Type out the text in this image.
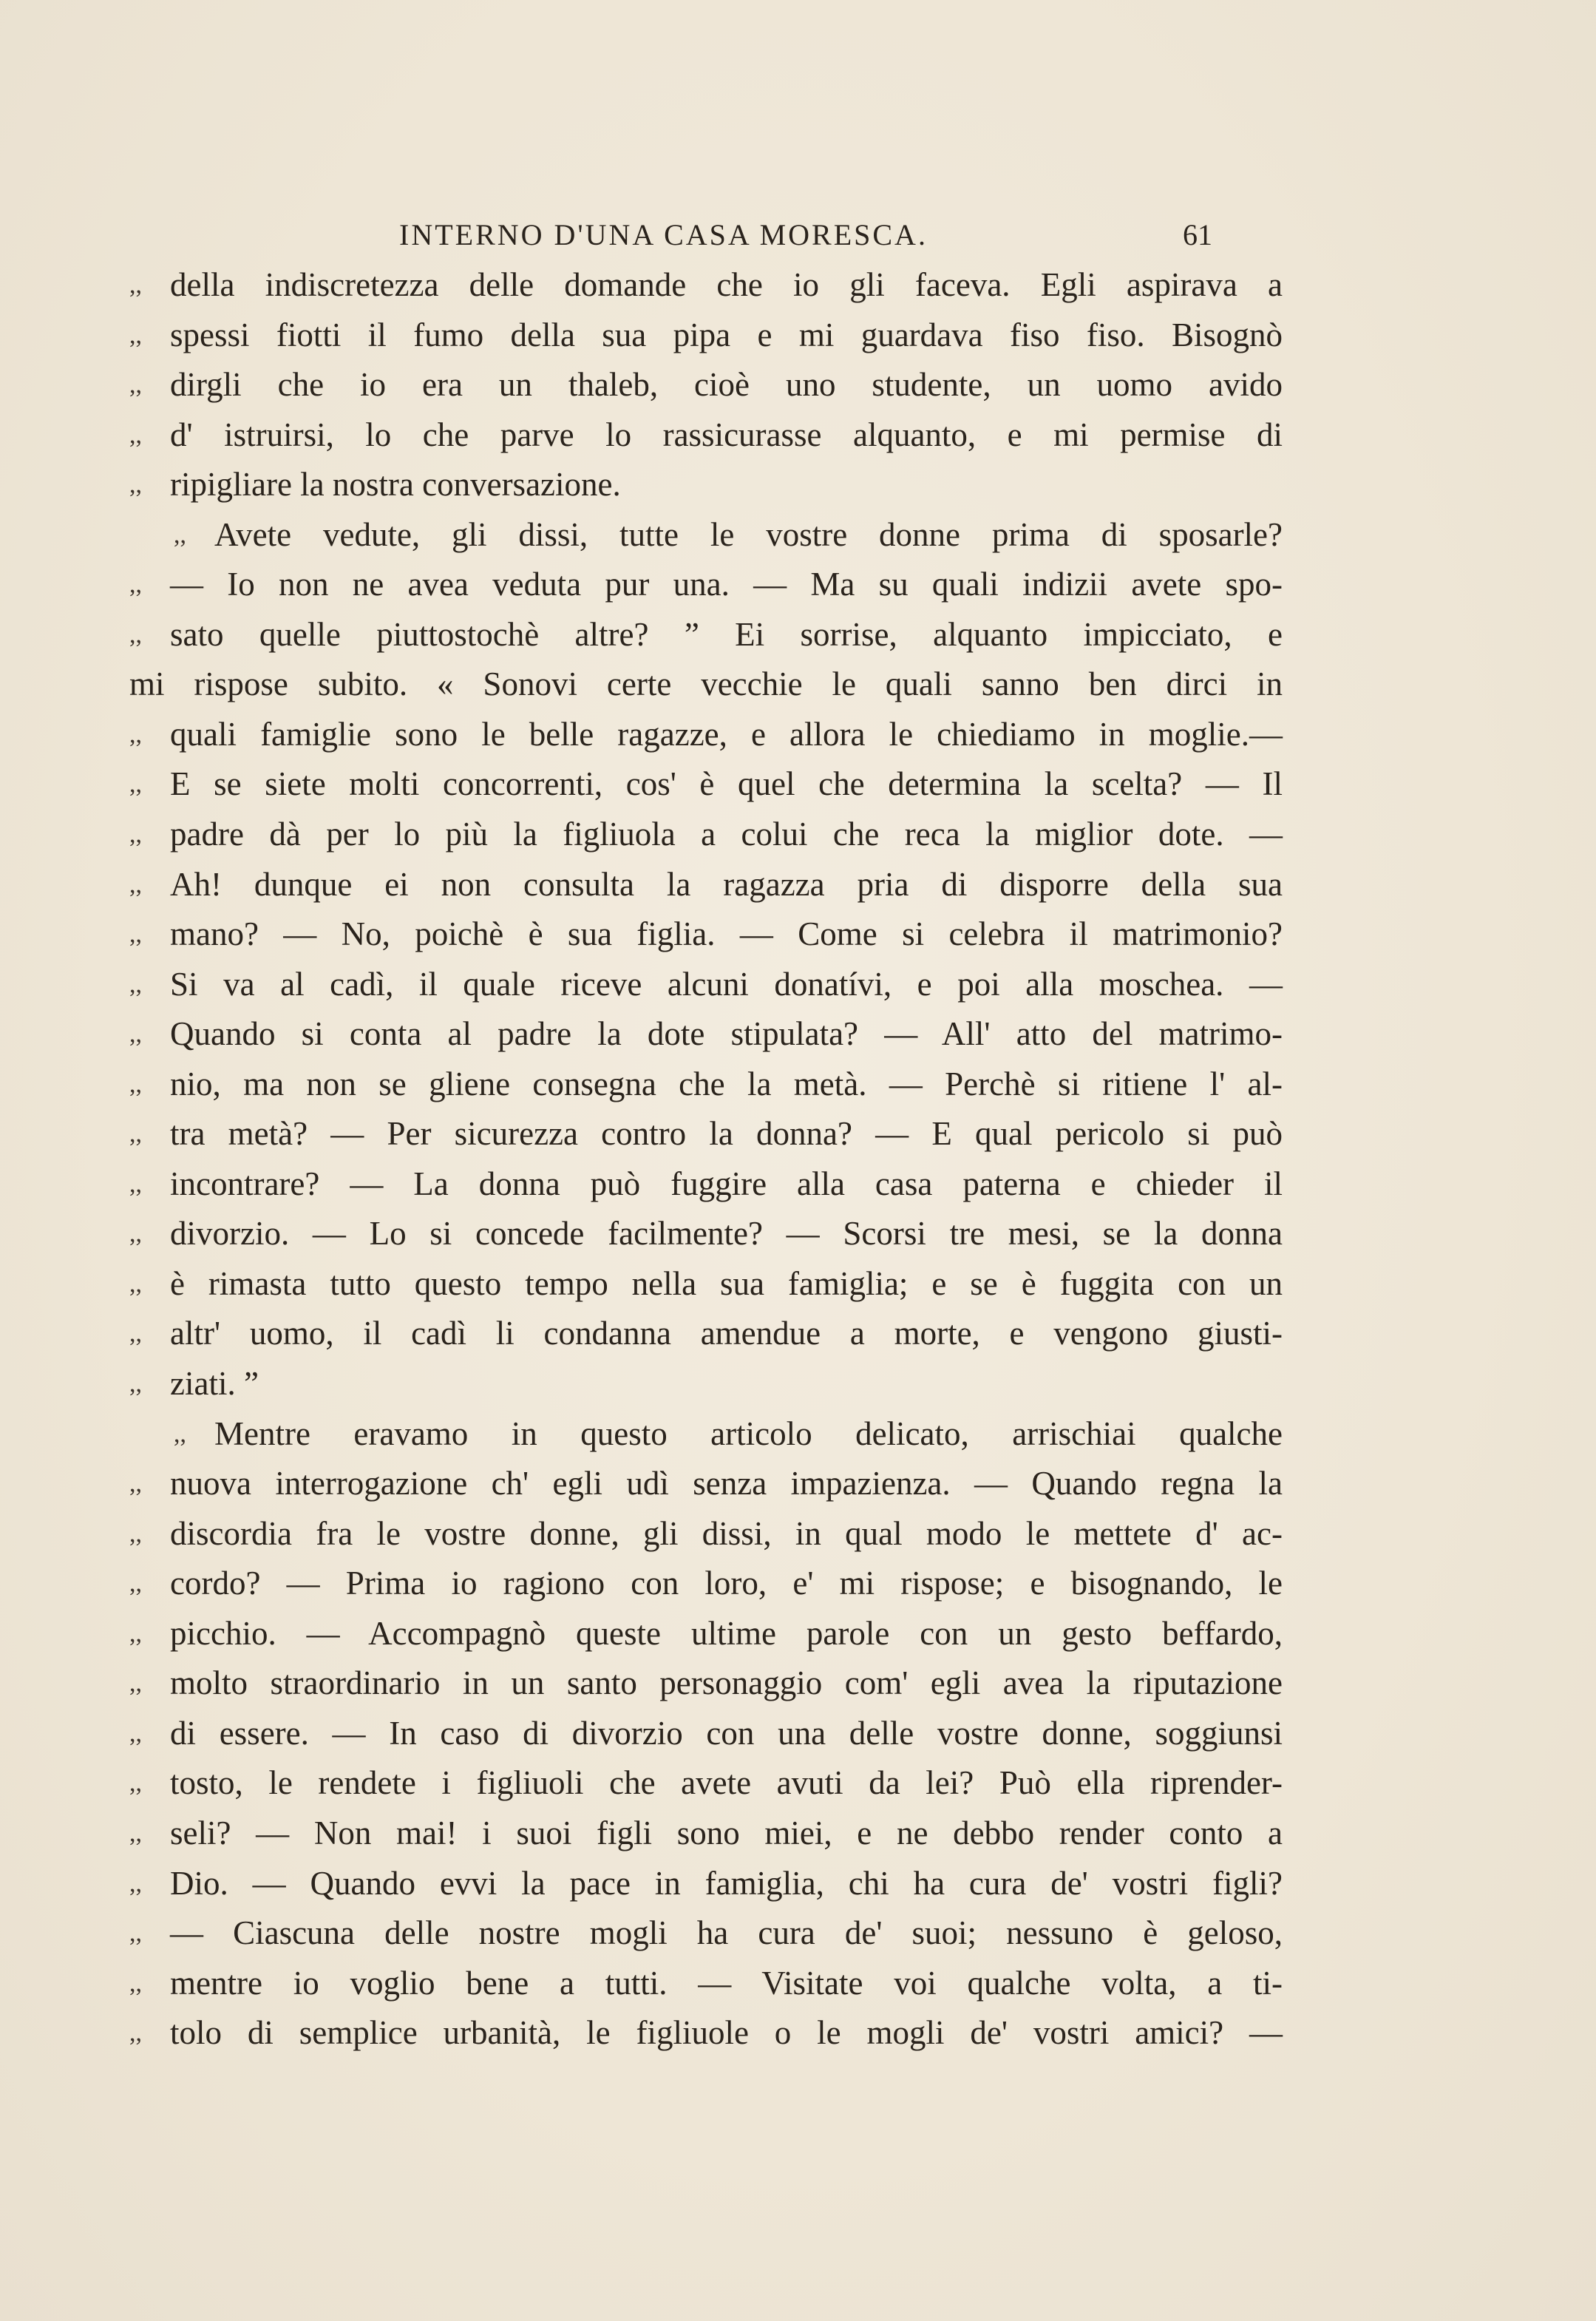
INTERNO D'UNA CASA MORESCA.	61
,, della indiscretezza delle domande che io gli faceva. Egli aspirava a
,, spessi fiotti il fumo della sua pipa e mi guardava fiso fiso. Bisognò
,, dirgli che io era un thaleb, cioè uno studente, un uomo avido
,, d' istruirsi, lo che parve lo rassicurasse alquanto, e mi permise di
,, ripigliare la nostra conversazione.
,, Avete vedute, gli dissi, tutte le vostre donne prima di sposarle?
,, — Io non ne avea veduta pur una. — Ma su quali indizii avete spo-
,, sato quelle piuttostochè altre? ” Ei sorrise, alquanto impicciato, e
mi rispose subito. « Sonovi certe vecchie le quali sanno ben dirci in
,, quali famiglie sono le belle ragazze, e allora le chiediamo in moglie.—
,, E se siete molti concorrenti, cos' è quel che determina la scelta? — Il
,, padre dà per lo più la figliuola a colui che reca la miglior dote. —
,, Ah! dunque ei non consulta la ragazza pria di disporre della sua
,, mano? — No, poichè è sua figlia. — Come si celebra il matrimonio?
,, Si va al cadì, il quale riceve alcuni donatívi, e poi alla moschea. —
,, Quando si conta al padre la dote stipulata? — All' atto del matrimo-
,, nio, ma non se gliene consegna che la metà. — Perchè si ritiene l' al-
,, tra metà? — Per sicurezza contro la donna? — E qual pericolo si può
,, incontrare? — La donna può fuggire alla casa paterna e chieder il
,, divorzio. — Lo si concede facilmente? — Scorsi tre mesi, se la donna
,, è rimasta tutto questo tempo nella sua famiglia; e se è fuggita con un
,, altr' uomo, il cadì li condanna amendue a morte, e vengono giusti-
,, ziati. ”
,, Mentre eravamo in questo articolo delicato, arrischiai qualche
,, nuova interrogazione ch' egli udì senza impazienza. — Quando regna la
,, discordia fra le vostre donne, gli dissi, in qual modo le mettete d' ac-
,, cordo? — Prima io ragiono con loro, e' mi rispose; e bisognando, le
,, picchio. — Accompagnò queste ultime parole con un gesto beffardo,
,, molto straordinario in un santo personaggio com' egli avea la riputazione
,, di essere. — In caso di divorzio con una delle vostre donne, soggiunsi
,, tosto, le rendete i figliuoli che avete avuti da lei? Può ella riprender-
,, seli? — Non mai! i suoi figli sono miei, e ne debbo render conto a
,, Dio. — Quando evvi la pace in famiglia, chi ha cura de' vostri figli?
,, — Ciascuna delle nostre mogli ha cura de' suoi; nessuno è geloso,
,, mentre io voglio bene a tutti. — Visitate voi qualche volta, a ti-
,, tolo di semplice urbanità, le figliuole o le mogli de' vostri amici? —
